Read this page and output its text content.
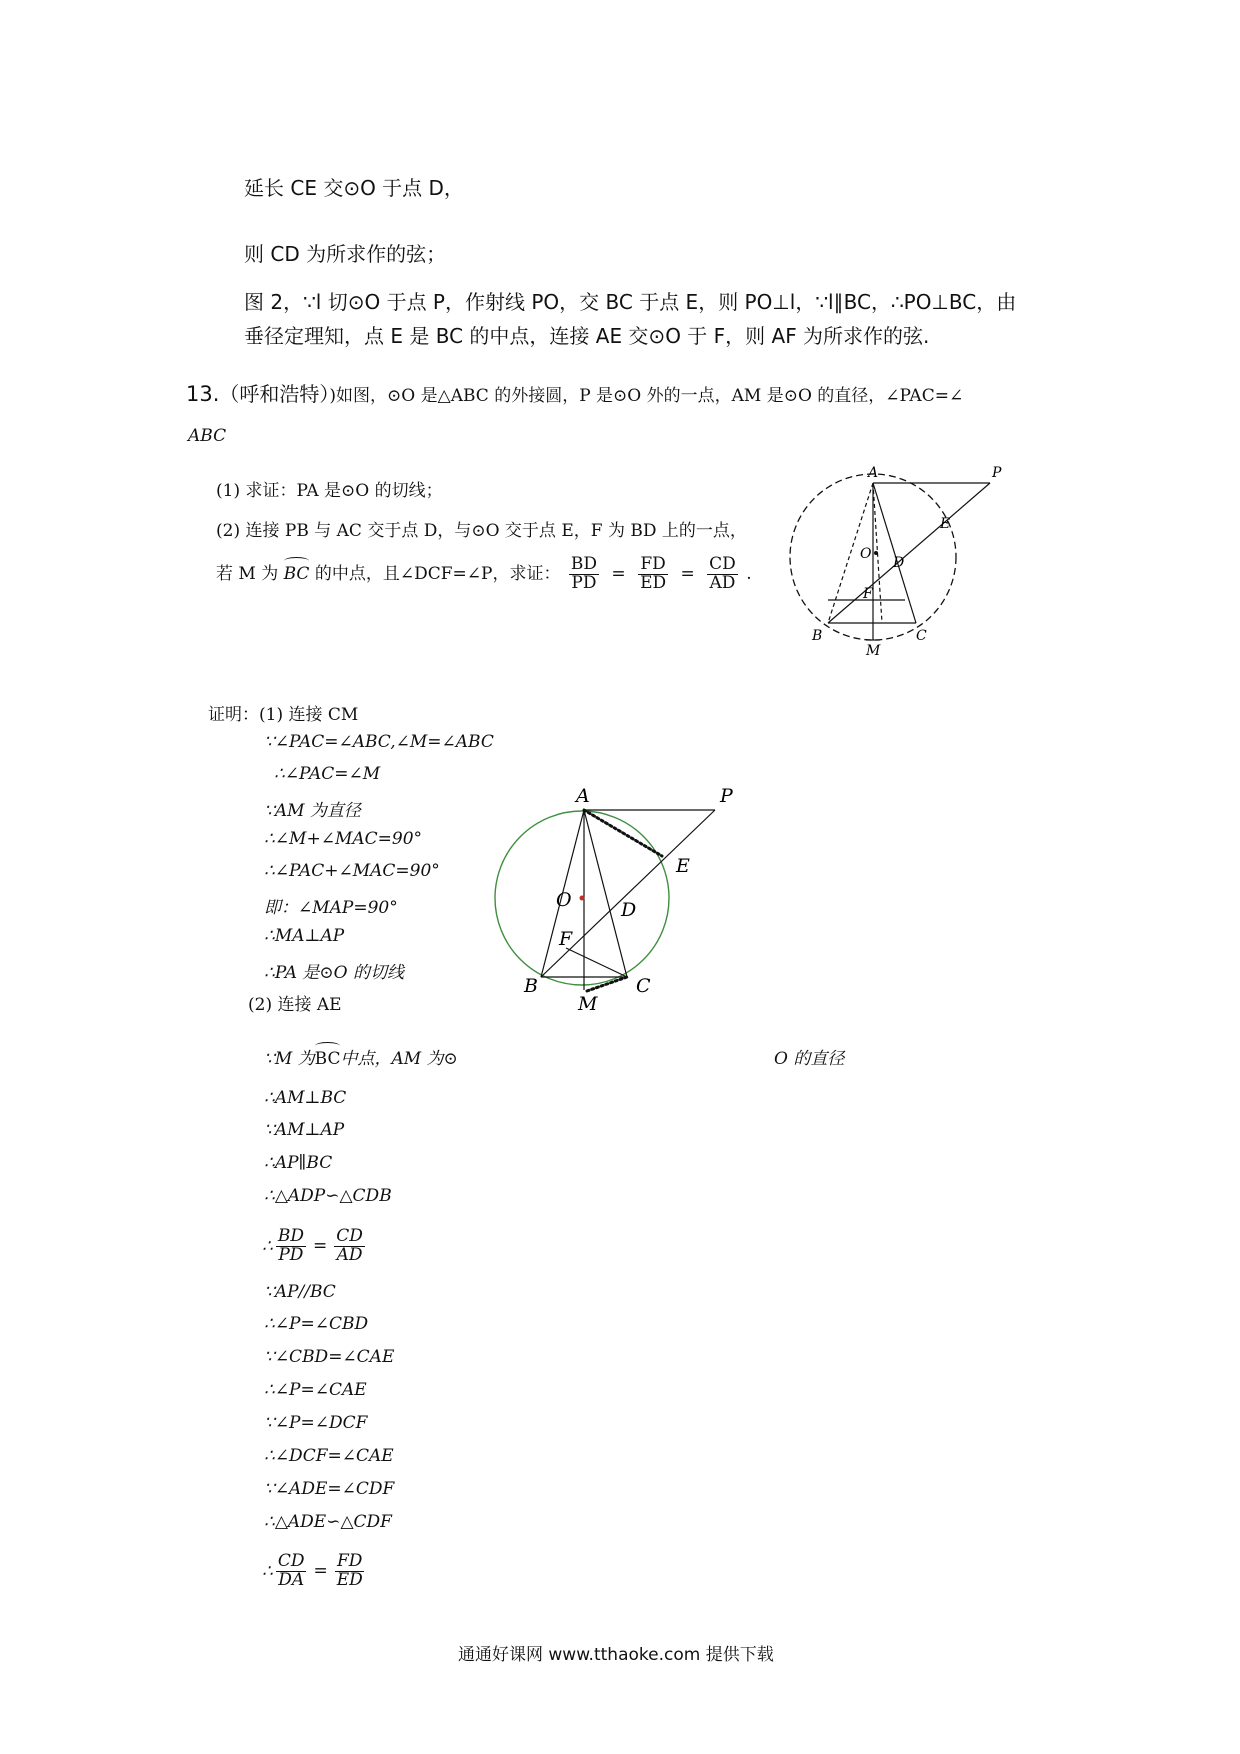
延长 CE 交⊙O 于点 D，
则 CD 为所求作的弦；
图 2，∵l 切⊙O 于点 P，作射线 PO，交 BC 于点 E，则 PO⊥l，∵l∥BC，∴PO⊥BC，由
垂径定理知，点 E 是 BC 的中点，连接 AE 交⊙O 于 F，则 AF 为所求作的弦.
13.（呼和浩特）)如图，⊙O 是△ABC 的外接圆，P 是⊙O 外的一点，AM 是⊙O 的直径，∠PAC=∠
ABC
(1) 求证：PA 是⊙O 的切线；
(2) 连接 PB 与 AC 交于点 D，与⊙O 交于点 E，F 为 BD 上的一点，
若 M 为 BC 的中点，且∠DCF=∠P，求证： $\frac{BD}{PD} = \frac{FD}{ED} = \frac{CD}{AD}$ .
A	P
E
O
D
F
B	C
M
证明：(1) 连接 CM
∵∠PAC=∠ABC,∠M=∠ABC
∴∠PAC=∠M
∵AM 为直径
∴∠M+∠MAC=90°
∴∠PAC+∠MAC=90°
即：∠MAP=90°
∴MA⊥AP
∴PA 是⊙O 的切线
(2) 连接 AE
A	P
E
O	D
F
B	C
M
∵M 为BC中点，AM 为⊙	O 的直径
∴AM⊥BC
∵AM⊥AP
∴AP∥BC
∴△ADP∽△CDB
∴ $\frac{BD}{PD} = \frac{CD}{AD}$
∵AP//BC
∴∠P=∠CBD
∵∠CBD=∠CAE
∴∠P=∠CAE
∵∠P=∠DCF
∴∠DCF=∠CAE
∵∠ADE=∠CDF
∴△ADE∽△CDF
∴ $\frac{CD}{DA} = \frac{FD}{ED}$
通通好课网 www.tthaoke.com 提供下载
